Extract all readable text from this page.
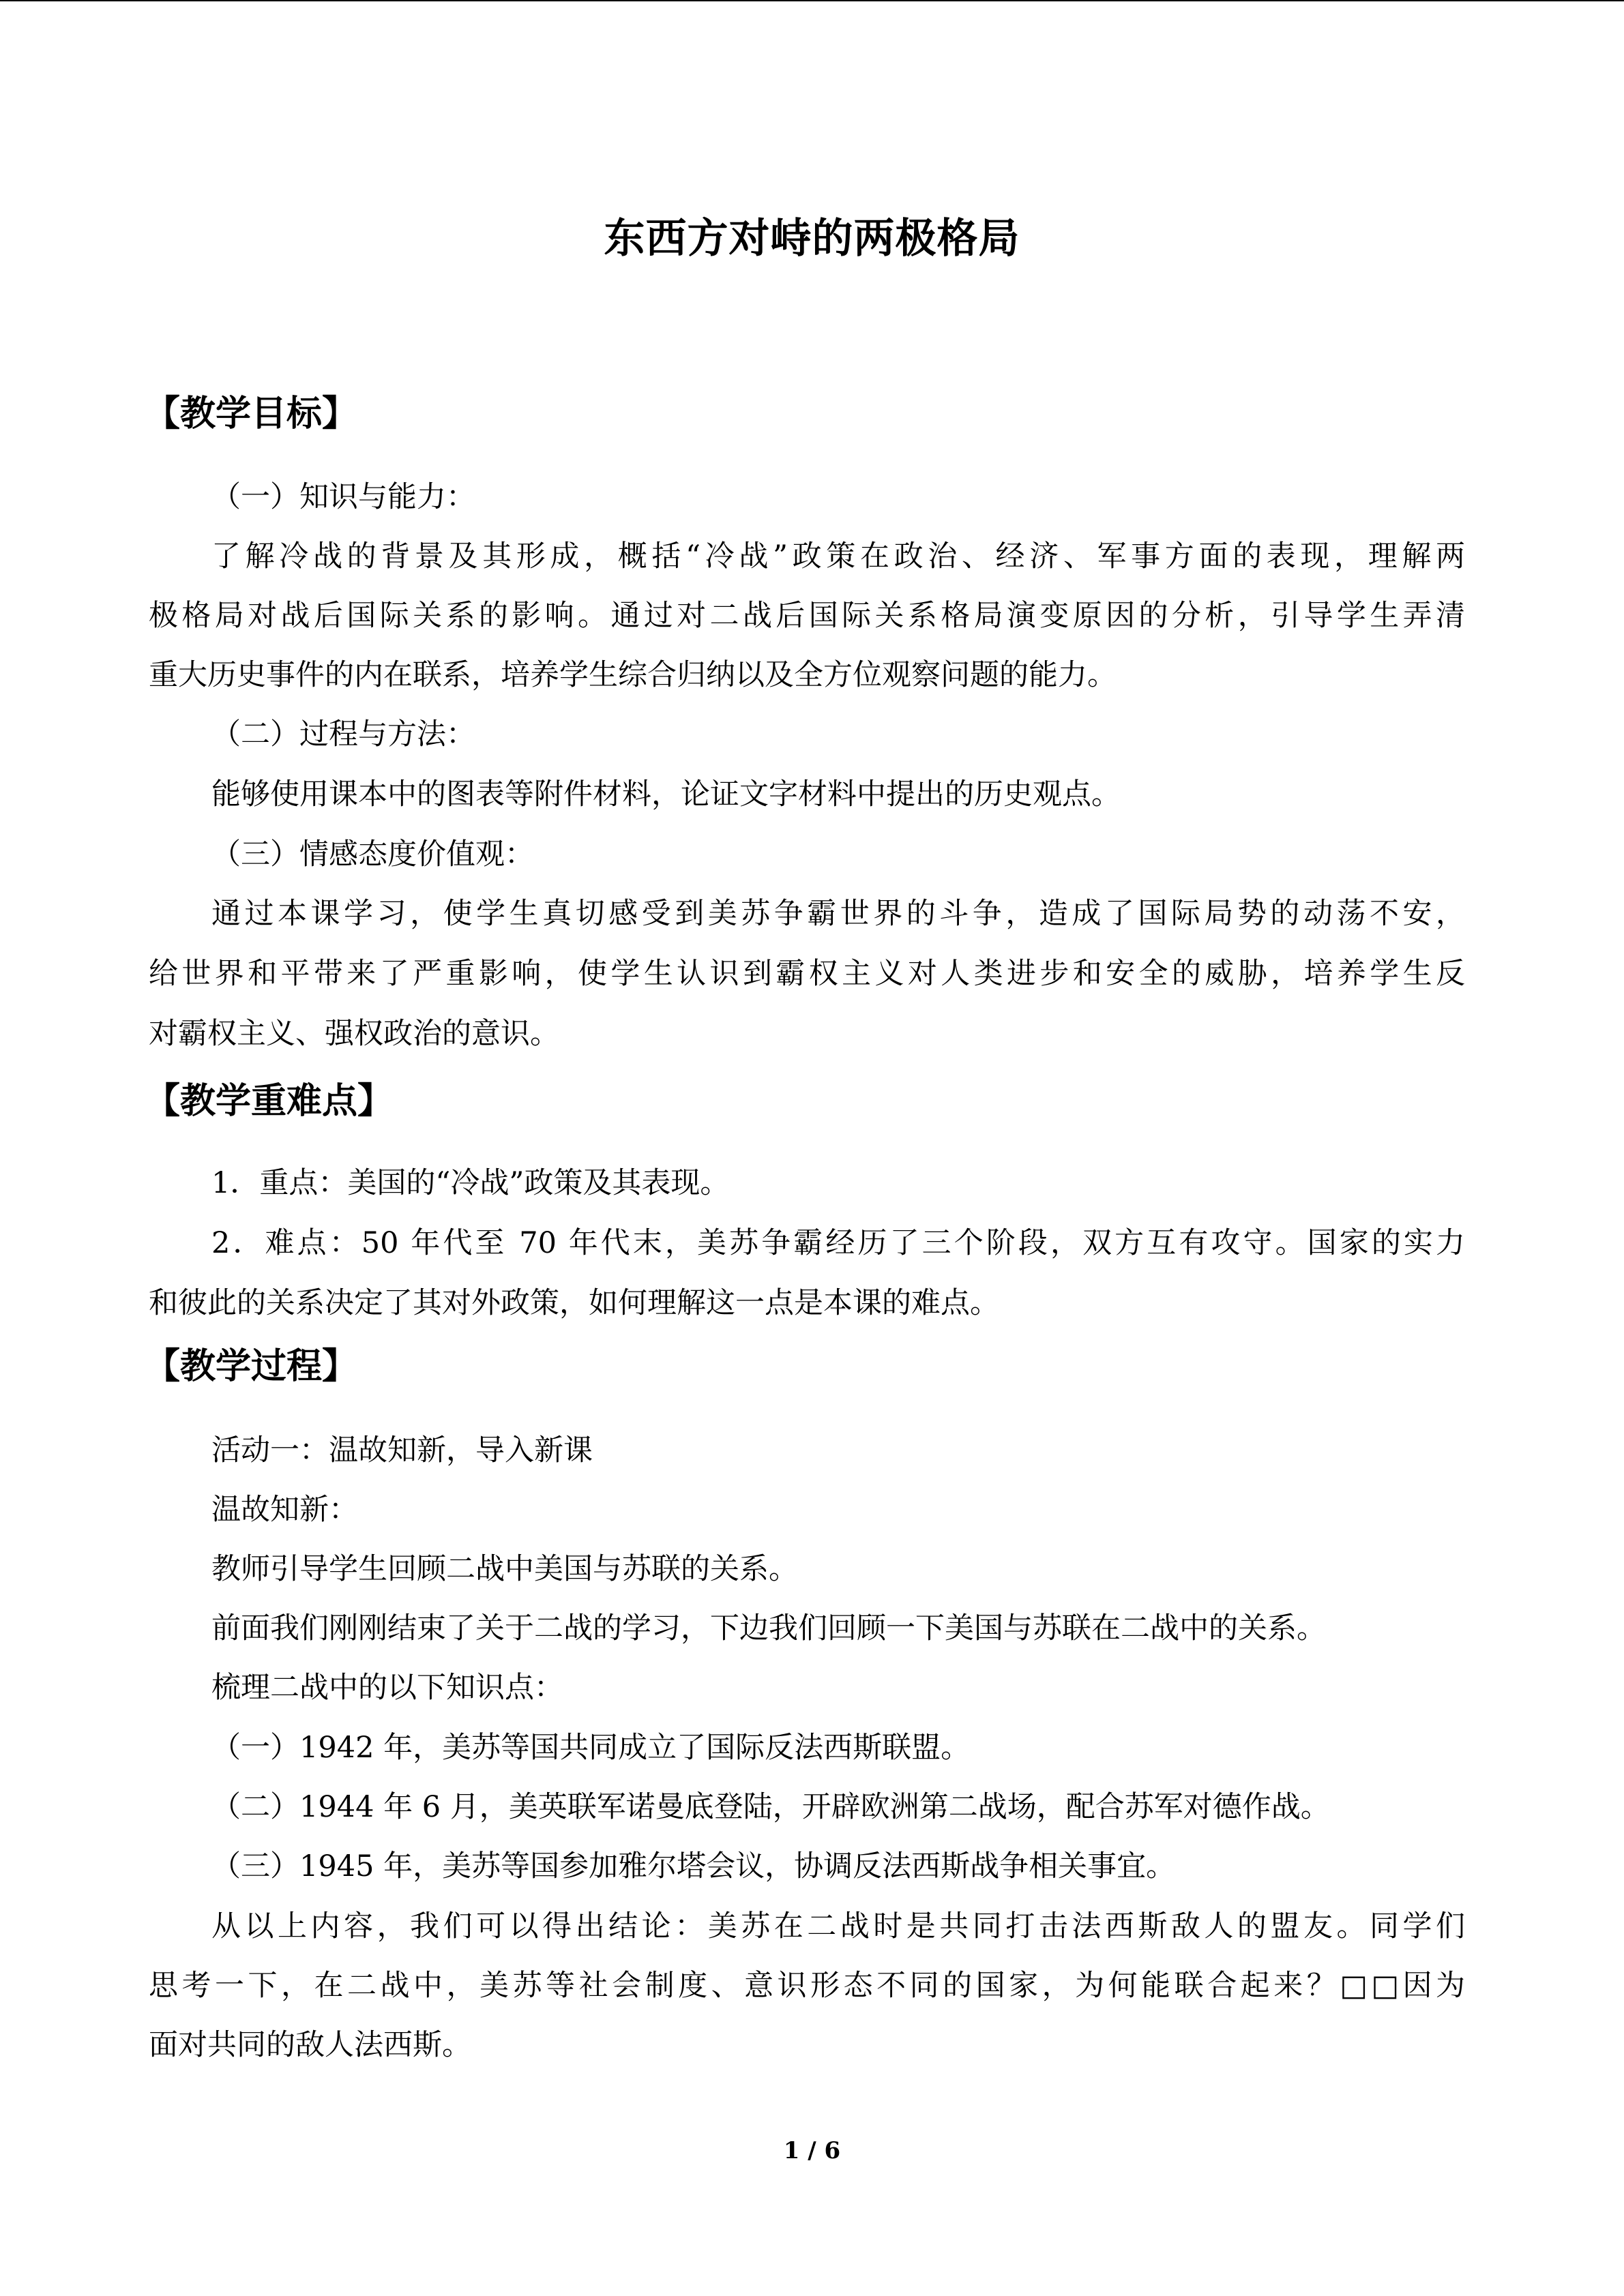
东西方对峙的两极格局
【教学目标】
（一）知识与能力：
了解冷战的背景及其形成，概括“冷战”政策在政治、经济、军事方面的表现，理解两
极格局对战后国际关系的影响。通过对二战后国际关系格局演变原因的分析，引导学生弄清
重大历史事件的内在联系，培养学生综合归纳以及全方位观察问题的能力。
（二）过程与方法：
能够使用课本中的图表等附件材料，论证文字材料中提出的历史观点。
（三）情感态度价值观：
通过本课学习，使学生真切感受到美苏争霸世界的斗争，造成了国际局势的动荡不安，
给世界和平带来了严重影响，使学生认识到霸权主义对人类进步和安全的威胁，培养学生反
对霸权主义、强权政治的意识。
【教学重难点】
1．重点：美国的“冷战”政策及其表现。
2．难点：50 年代至 70 年代末，美苏争霸经历了三个阶段，双方互有攻守。国家的实力
和彼此的关系决定了其对外政策，如何理解这一点是本课的难点。
【教学过程】
活动一：温故知新，导入新课
温故知新：
教师引导学生回顾二战中美国与苏联的关系。
前面我们刚刚结束了关于二战的学习，下边我们回顾一下美国与苏联在二战中的关系。
梳理二战中的以下知识点：
（一）1942 年，美苏等国共同成立了国际反法西斯联盟。
（二）1944 年 6 月，美英联军诺曼底登陆，开辟欧洲第二战场，配合苏军对德作战。
（三）1945 年，美苏等国参加雅尔塔会议，协调反法西斯战争相关事宜。
从以上内容，我们可以得出结论：美苏在二战时是共同打击法西斯敌人的盟友。同学们
思考一下，在二战中，美苏等社会制度、意识形态不同的国家，为何能联合起来？□□因为
面对共同的敌人法西斯。
1 / 6
